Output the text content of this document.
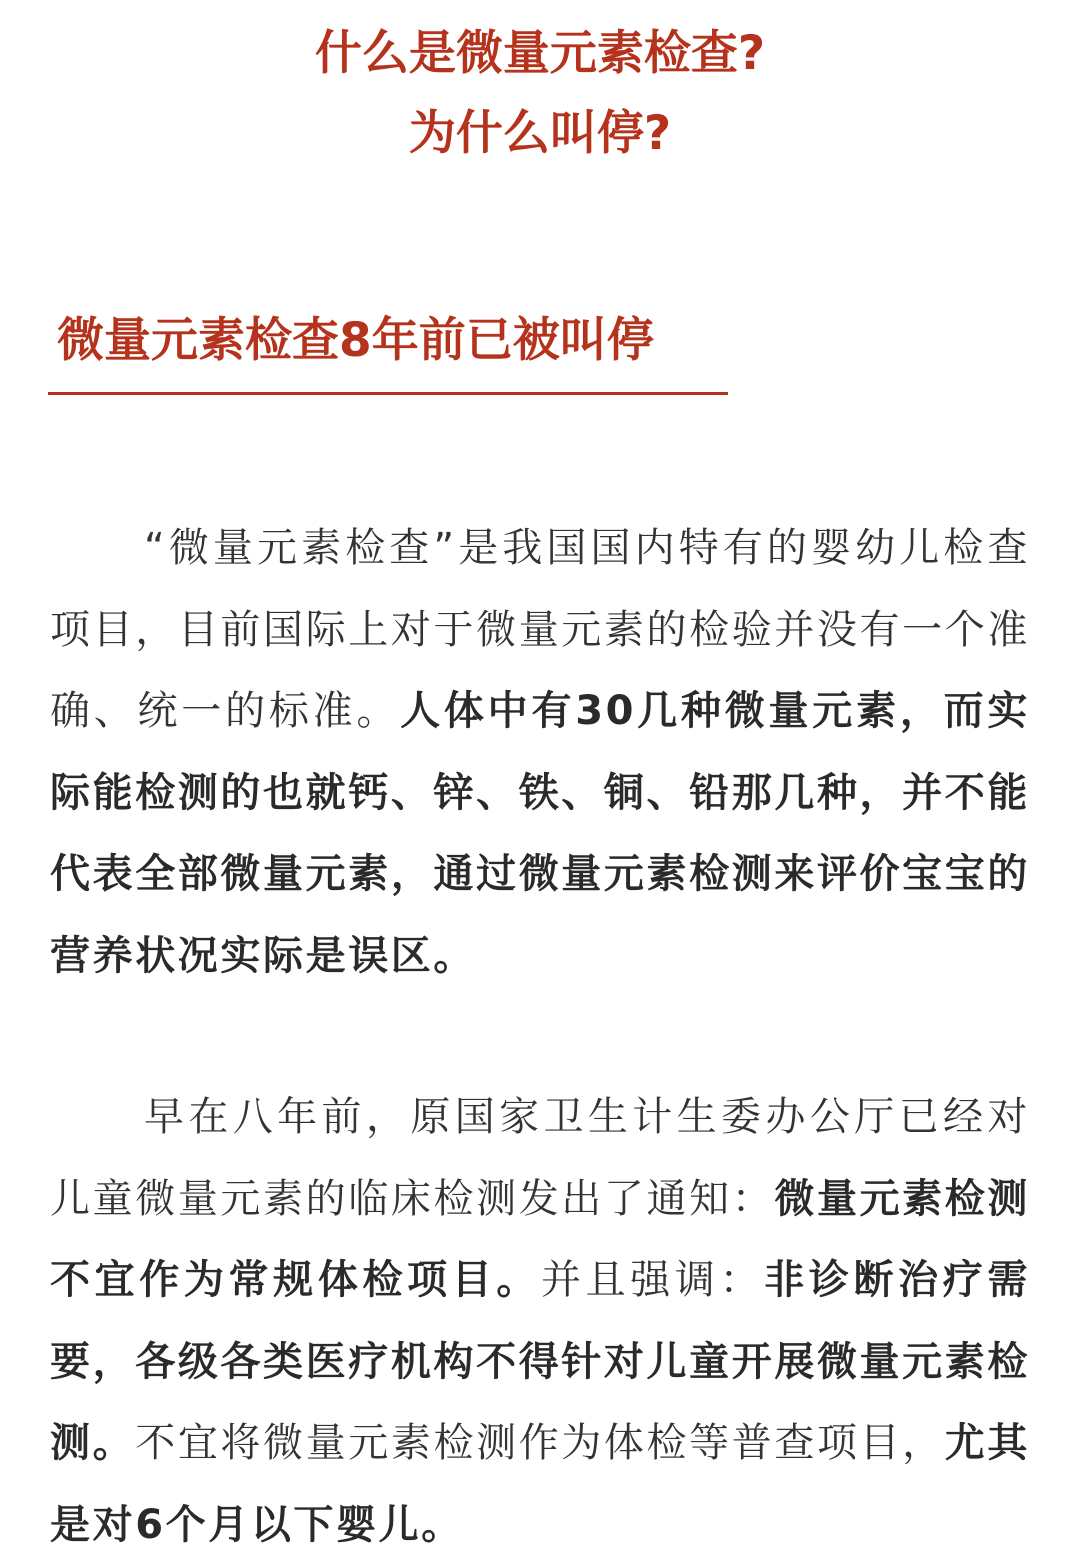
什么是微量元素检查?
为什么叫停?
微量元素检查8年前已被叫停

“微量元素检查”是我国国内特有的婴幼儿检查项目，目前国际上对于微量元素的检验并没有一个准确、统一的标准。人体中有30几种微量元素，而实际能检测的也就钙、锌、铁、铜、铅那几种，并不能代表全部微量元素，通过微量元素检测来评价宝宝的营养状况实际是误区。

早在八年前，原国家卫生计生委办公厅已经对儿童微量元素的临床检测发出了通知：微量元素检测不宜作为常规体检项目。并且强调：非诊断治疗需要，各级各类医疗机构不得针对儿童开展微量元素检测。不宜将微量元素检测作为体检等普查项目，尤其是对6个月以下婴儿。
